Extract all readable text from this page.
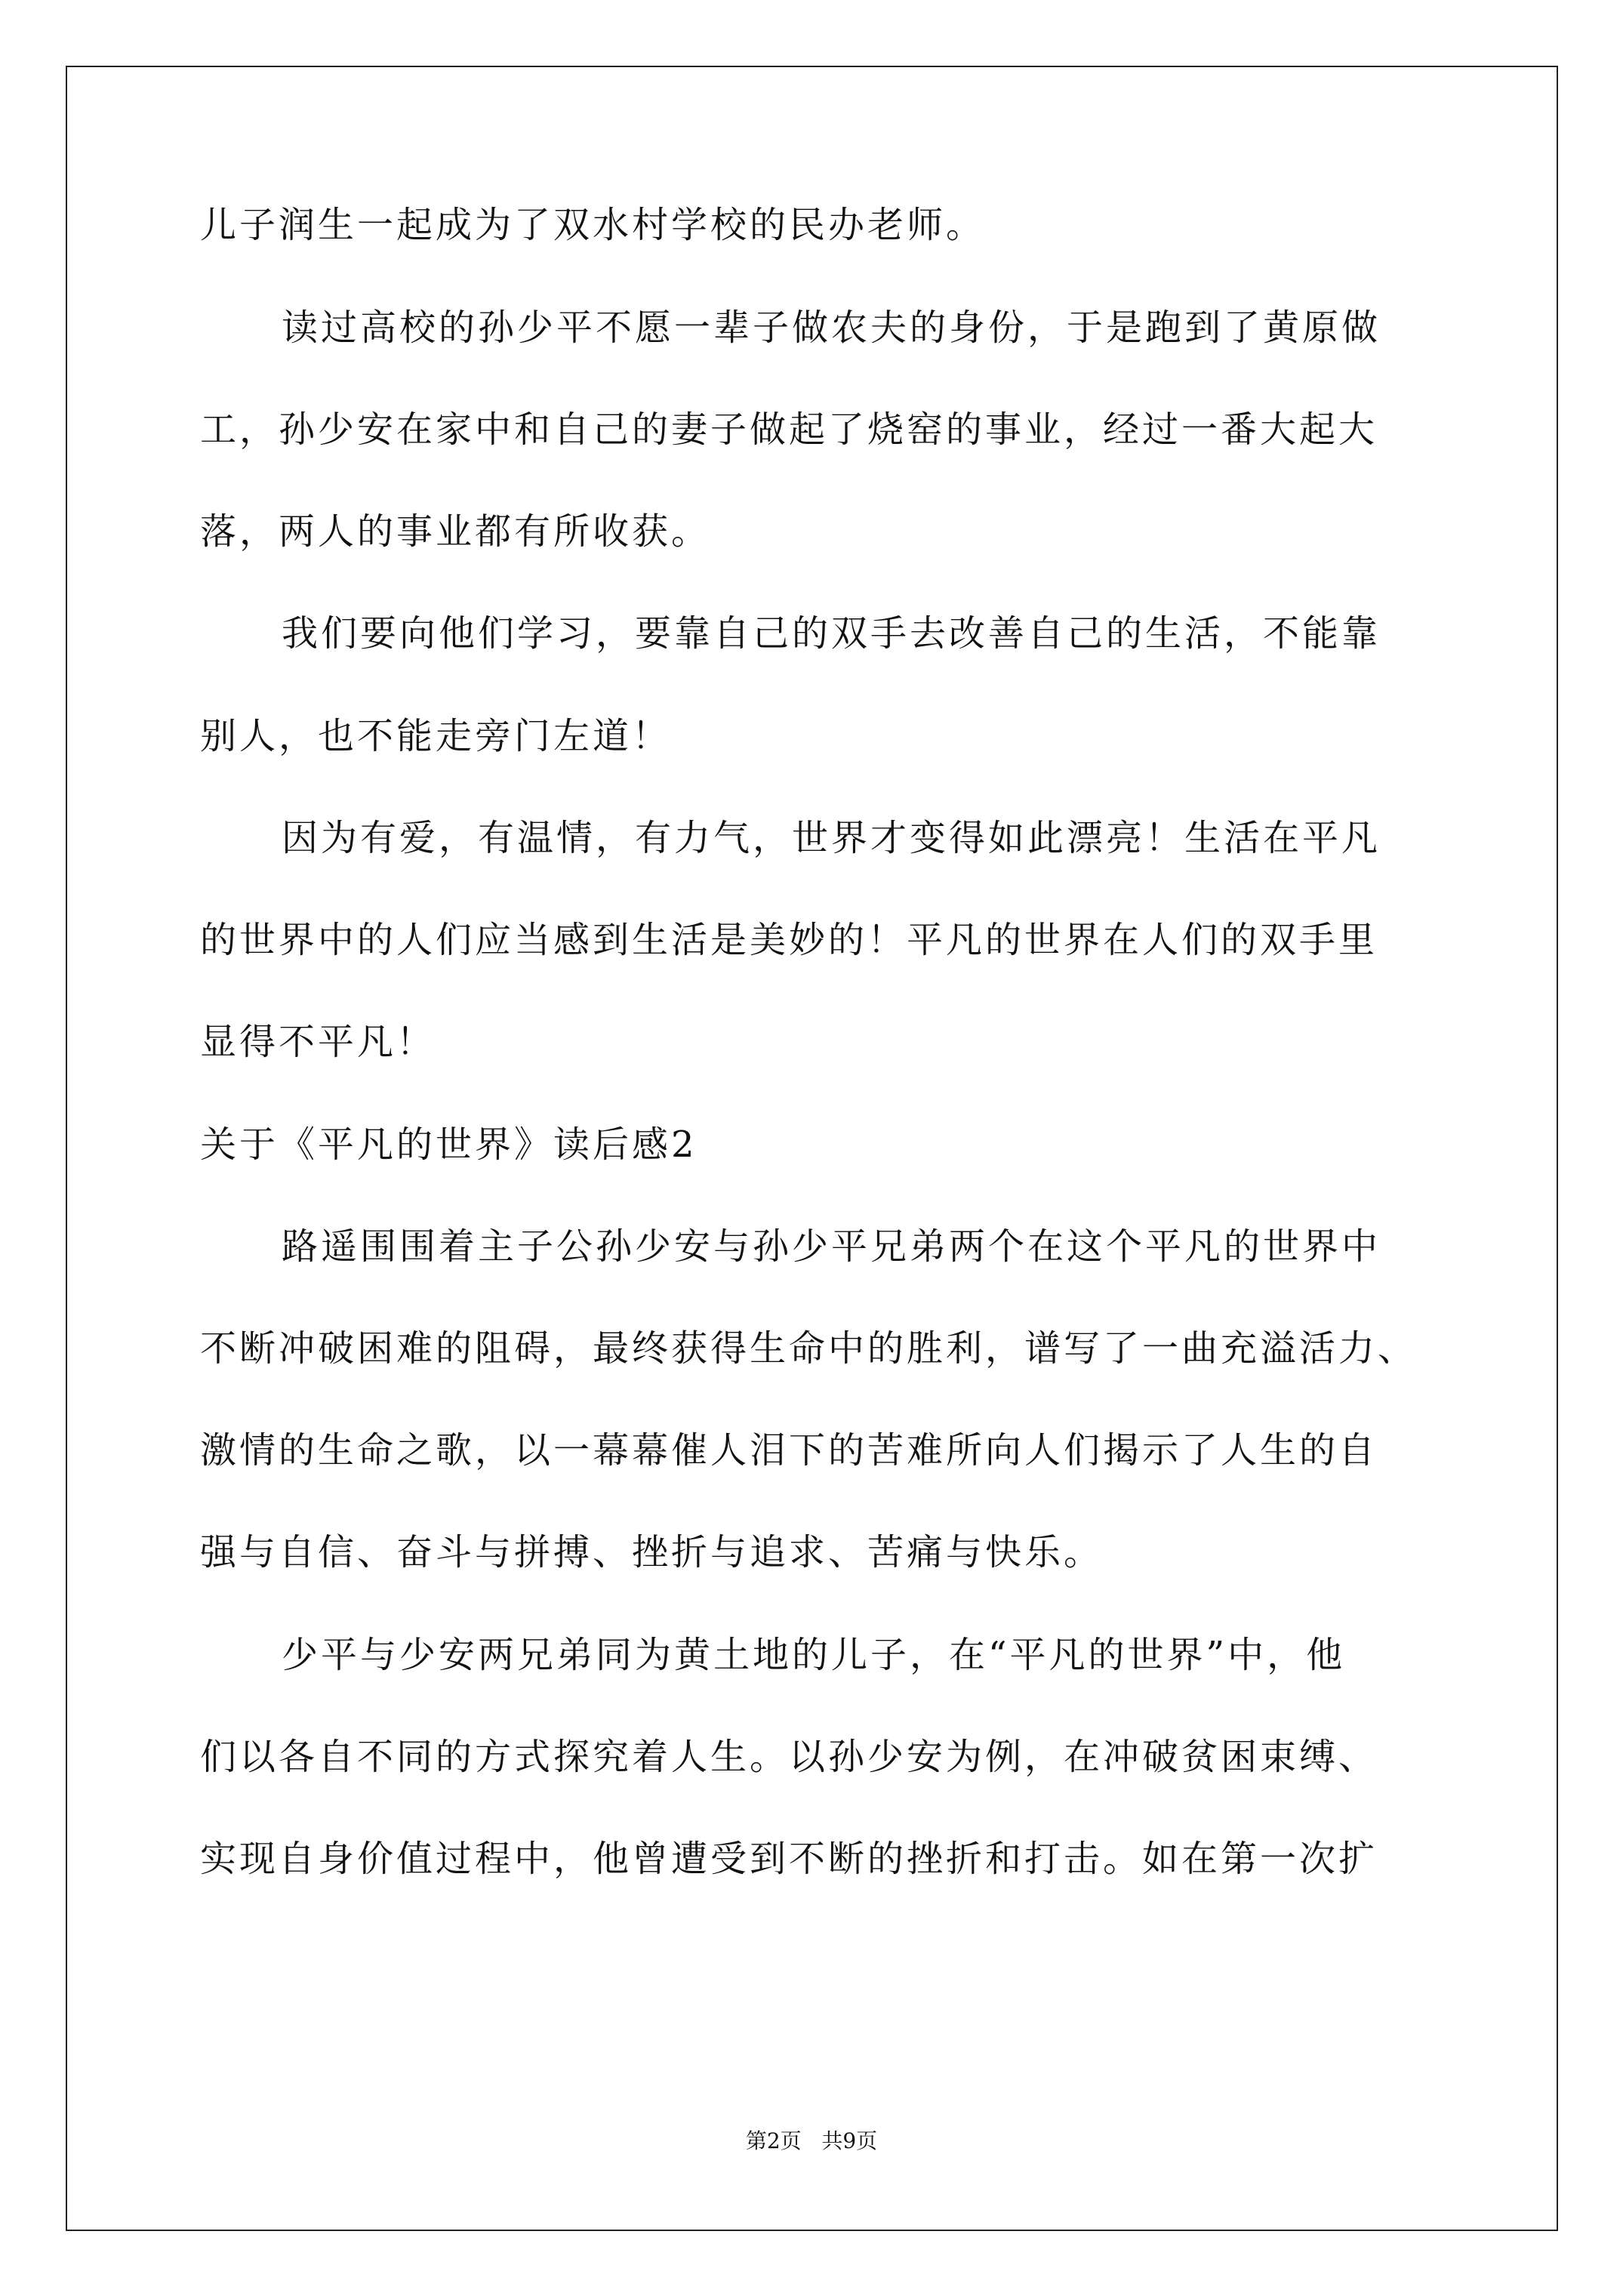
儿子润生一起成为了双水村学校的民办老师。
读过高校的孙少平不愿一辈子做农夫的身份，于是跑到了黄原做
工，孙少安在家中和自己的妻子做起了烧窑的事业，经过一番大起大
落，两人的事业都有所收获。
我们要向他们学习，要靠自己的双手去改善自己的生活，不能靠
别人，也不能走旁门左道！
因为有爱，有温情，有力气，世界才变得如此漂亮！生活在平凡
的世界中的人们应当感到生活是美妙的！平凡的世界在人们的双手里
显得不平凡！
关于《平凡的世界》读后感2
路遥围围着主子公孙少安与孙少平兄弟两个在这个平凡的世界中
不断冲破困难的阻碍，最终获得生命中的胜利，谱写了一曲充溢活力、
激情的生命之歌，以一幕幕催人泪下的苦难所向人们揭示了人生的自
强与自信、奋斗与拼搏、挫折与追求、苦痛与快乐。
少平与少安两兄弟同为黄土地的儿子，在“平凡的世界”中，他
们以各自不同的方式探究着人生。以孙少安为例，在冲破贫困束缚、
实现自身价值过程中，他曾遭受到不断的挫折和打击。如在第一次扩
第2页   共9页
